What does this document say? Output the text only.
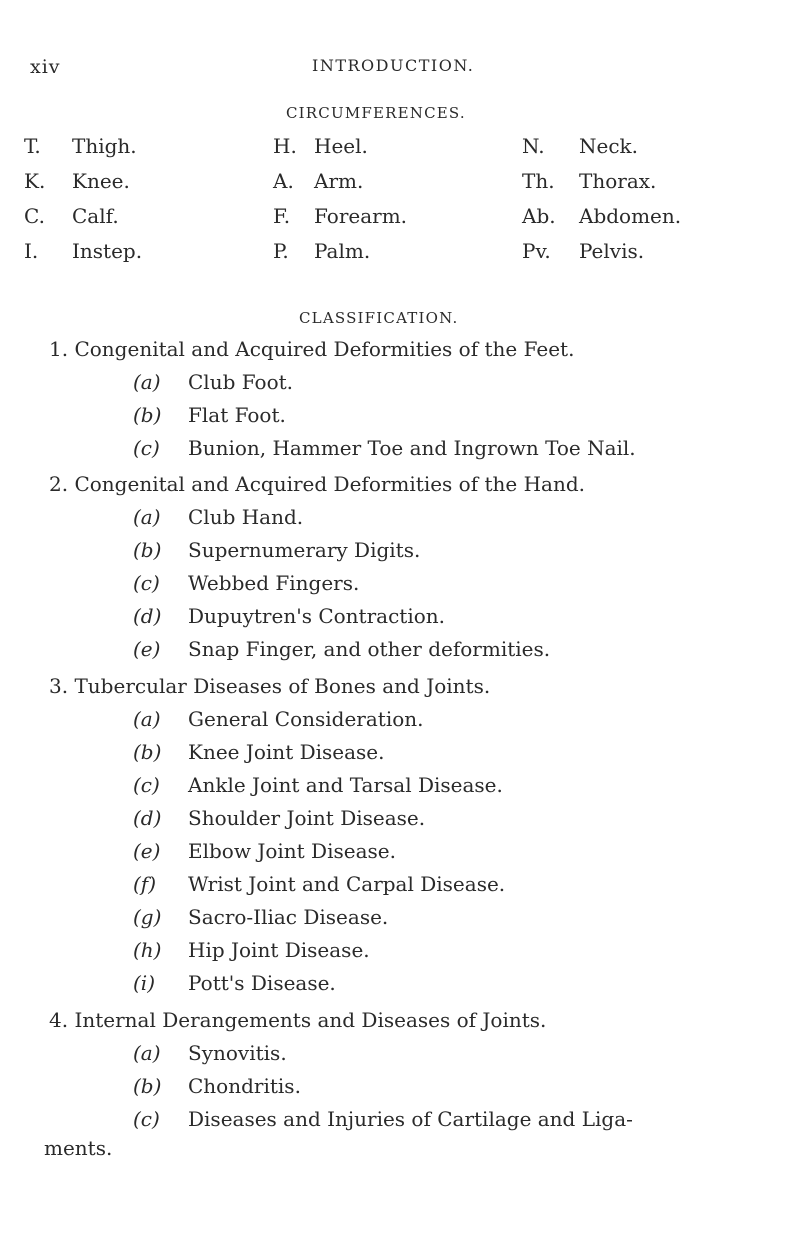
xiv	INTRODUCTION.
CIRCUMFERENCES.
T. Thigh.	H. Heel.	N. Neck.
K. Knee.	A. Arm.	Th. Thorax.
C. Calf.	F. Forearm.	Ab. Abdomen.
I. Instep.	P. Palm.	Pv. Pelvis.
CLASSIFICATION.
1. Congenital and Acquired Deformities of the Feet.
(a) Club Foot.
(b) Flat Foot.
(c) Bunion, Hammer Toe and Ingrown Toe Nail.
2. Congenital and Acquired Deformities of the Hand.
(a) Club Hand.
(b) Supernumerary Digits.
(c) Webbed Fingers.
(d) Dupuytren's Contraction.
(e) Snap Finger, and other deformities.
3. Tubercular Diseases of Bones and Joints.
(a) General Consideration.
(b) Knee Joint Disease.
(c) Ankle Joint and Tarsal Disease.
(d) Shoulder Joint Disease.
(e) Elbow Joint Disease.
(f) Wrist Joint and Carpal Disease.
(g) Sacro-Iliac Disease.
(h) Hip Joint Disease.
(i) Pott's Disease.
4. Internal Derangements and Diseases of Joints.
(a) Synovitis.
(b) Chondritis.
(c) Diseases and Injuries of Cartilage and Liga-
ments.
